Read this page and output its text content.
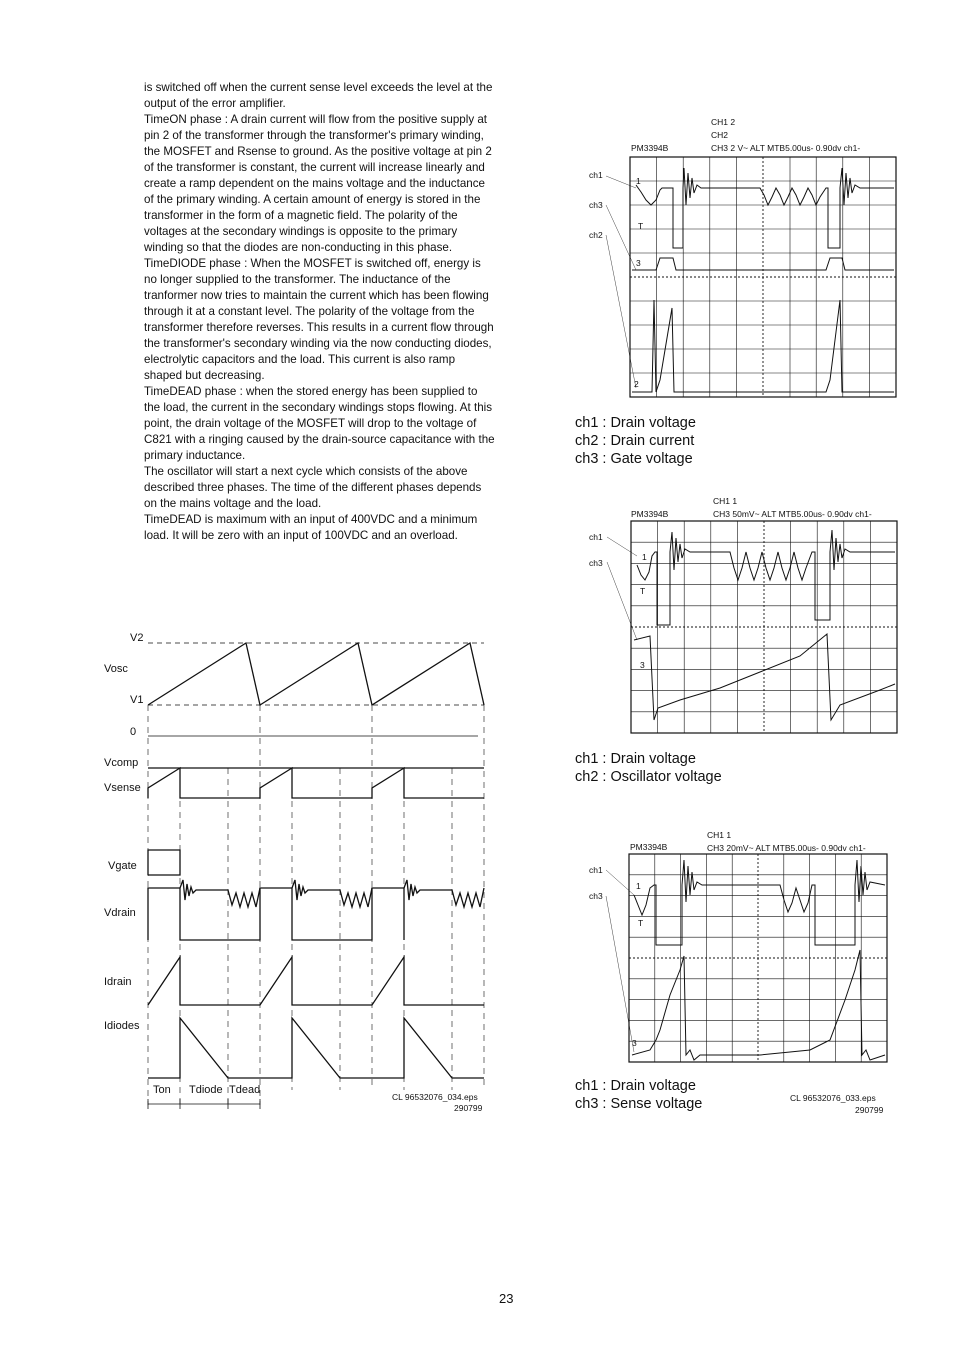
is switched off when the current sense level exceeds the level at the output of the error amplifier.

TimeON phase : A drain current will flow from the positive supply at pin 2 of the transformer through the transformer's primary winding, the MOSFET and Rsense to ground. As the positive voltage at pin 2 of the transformer is constant, the current will increase linearly and create a ramp dependent on the mains voltage and the inductance of the primary winding. A certain amount of energy is stored in the transformer in the form of a magnetic field. The polarity of the voltages at the secondary windings is opposite to the primary winding so that the diodes are non-conducting in this phase.

TimeDIODE phase : When the MOSFET is switched off, energy is no longer supplied to the transformer. The inductance of the tranformer now tries to maintain the current which has been flowing through it at a constant level. The polarity of the voltage from the transformer therefore reverses. This results in a current flow through the transformer's secondary winding via the now conducting diodes, electrolytic capacitors and the load. This current is also ramp shaped but decreasing.

TimeDEAD phase : when the stored energy has been supplied to the load, the current in the secondary windings stops flowing. At this point, the drain voltage of the MOSFET will drop to the voltage of C821 with a ringing caused by the drain-source capacitance with the primary inductance.

The oscillator will start a next cycle which consists of the above described three phases. The time of the different phases depends on the mains voltage and the load.

TimeDEAD is maximum with an input of 400VDC and a minimum load. It will be zero with an input of 100VDC and an overload.

V2
Vosc
V1
0
Vcomp
Vsense
Vgate
Vdrain
Idrain
Idiodes
Ton Tdiode Tdead
CL 96532076_034.eps
290799
CH1 2
CH2
CH3 2 V~ ALT MTB5.00us- 0.90dv ch1-
PM3394B
ch1
ch3
ch2
1
T
3
2
ch1 : Drain voltage
ch2 : Drain current
ch3 : Gate voltage
CH1 1
CH3 50mV~ ALT MTB5.00us- 0.90dv ch1-
PM3394B
ch1
ch3
1
T
3
ch1 : Drain voltage
ch2 : Oscillator voltage
CH1 1
CH3 20mV~ ALT MTB5.00us- 0.90dv ch1-
PM3394B
ch1
ch3
1
T
3
ch1 : Drain voltage
ch3 : Sense voltage	CL 96532076_033.eps
290799
23
